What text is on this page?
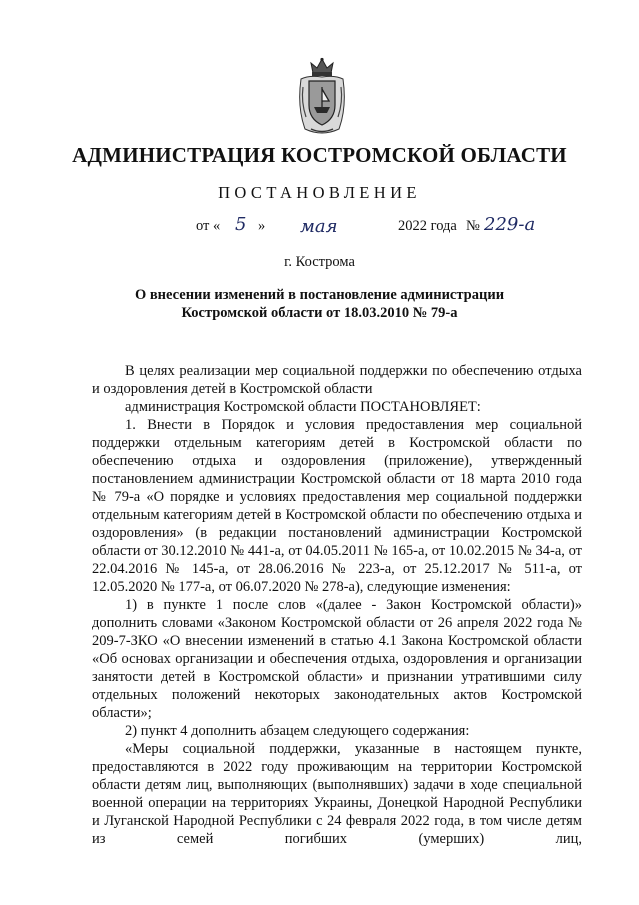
АДМИНИСТРАЦИЯ КОСТРОМСКОЙ ОБЛАСТИ
ПОСТАНОВЛЕНИЕ
от « 5 » мая	2022 года № 229-а
г. Кострома
О внесении изменений в постановление администрации
Костромской области от 18.03.2010 № 79-а

В целях реализации мер социальной поддержки по обеспечению отдыха и оздоровления детей в Костромской области

администрация Костромской области ПОСТАНОВЛЯЕТ:

1. Внести в Порядок и условия предоставления мер социальной поддержки отдельным категориям детей в Костромской области по обеспечению отдыха и оздоровления (приложение), утвержденный постановлением администрации Костромской области от 18 марта 2010 года № 79-а «О порядке и условиях предоставления мер социальной поддержки отдельным категориям детей в Костромской области по обеспечению отдыха и оздоровления» (в редакции постановлений администрации Костромской области от 30.12.2010 № 441-а, от 04.05.2011 № 165-а, от 10.02.2015 № 34-а, от 22.04.2016 № 145-а, от 28.06.2016 № 223-а, от 25.12.2017 № 511-а, от 12.05.2020 № 177-а, от 06.07.2020 № 278-а), следующие изменения:

1) в пункте 1 после слов «(далее - Закон Костромской области)» дополнить словами «Законом Костромской области от 26 апреля 2022 года № 209-7-ЗКО «О внесении изменений в статью 4.1 Закона Костромской области «Об основах организации и обеспечения отдыха, оздоровления и организации занятости детей в Костромской области» и признании утратившими силу отдельных положений некоторых законодательных актов Костромской области»;

2) пункт 4 дополнить абзацем следующего содержания:

«Меры социальной поддержки, указанные в настоящем пункте, предоставляются в 2022 году проживающим на территории Костромской области детям лиц, выполняющих (выполнявших) задачи в ходе специальной военной операции на территориях Украины, Донецкой Народной Республики и Луганской Народной Республики с 24 февраля 2022 года, в том числе детям из семей погибших (умерших) лиц,
